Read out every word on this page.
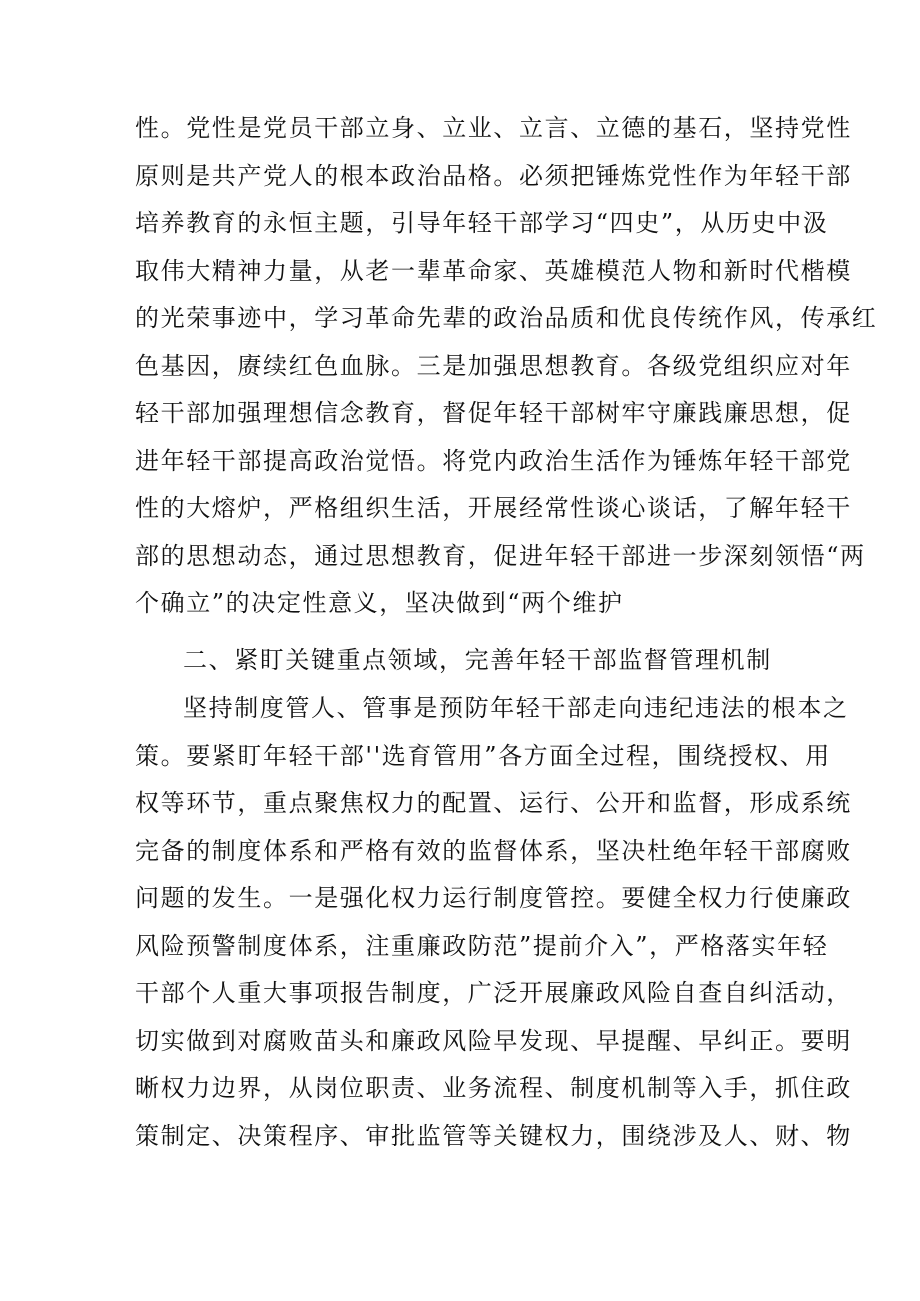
性。党性是党员干部立身、立业、立言、立德的基石，坚持党性
原则是共产党人的根本政治品格。必须把锤炼党性作为年轻干部
培养教育的永恒主题，引导年轻干部学习“四史”，从历史中汲
取伟大精神力量，从老一辈革命家、英雄模范人物和新时代楷模
的光荣事迹中，学习革命先辈的政治品质和优良传统作风，传承红
色基因，赓续红色血脉。三是加强思想教育。各级党组织应对年
轻干部加强理想信念教育，督促年轻干部树牢守廉践廉思想，促
进年轻干部提高政治觉悟。将党内政治生活作为锤炼年轻干部党
性的大熔炉，严格组织生活，开展经常性谈心谈话，了解年轻干
部的思想动态，通过思想教育，促进年轻干部进一步深刻领悟“两
个确立”的决定性意义，坚决做到“两个维护
二、紧盯关键重点领域，完善年轻干部监督管理机制
坚持制度管人、管事是预防年轻干部走向违纪违法的根本之
策。要紧盯年轻干部''选育管用”各方面全过程，围绕授权、用
权等环节，重点聚焦权力的配置、运行、公开和监督，形成系统
完备的制度体系和严格有效的监督体系，坚决杜绝年轻干部腐败
问题的发生。一是强化权力运行制度管控。要健全权力行使廉政
风险预警制度体系，注重廉政防范”提前介入”，严格落实年轻
干部个人重大事项报告制度，广泛开展廉政风险自查自纠活动，
切实做到对腐败苗头和廉政风险早发现、早提醒、早纠正。要明
晰权力边界，从岗位职责、业务流程、制度机制等入手，抓住政
策制定、决策程序、审批监管等关键权力，围绕涉及人、财、物
